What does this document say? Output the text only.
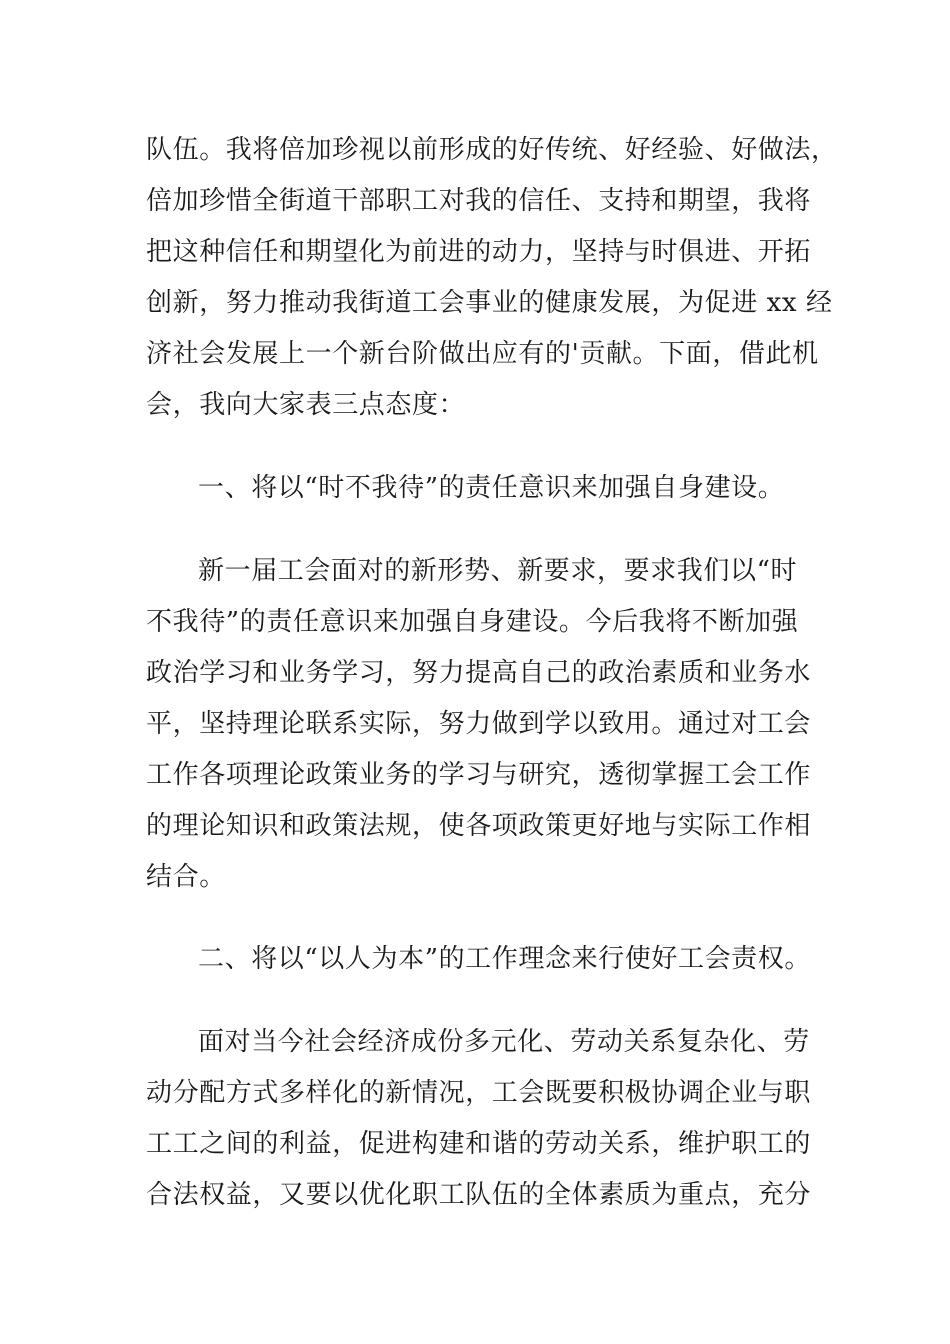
队伍。我将倍加珍视以前形成的好传统、好经验、好做法，
倍加珍惜全街道干部职工对我的信任、支持和期望，我将
把这种信任和期望化为前进的动力，坚持与时俱进、开拓
创新，努力推动我街道工会事业的健康发展，为促进 xx 经
济社会发展上一个新台阶做出应有的'贡献。下面，借此机
会，我向大家表三点态度：
一、将以“时不我待”的责任意识来加强自身建设。
新一届工会面对的新形势、新要求，要求我们以“时
不我待”的责任意识来加强自身建设。今后我将不断加强
政治学习和业务学习，努力提高自己的政治素质和业务水
平，坚持理论联系实际，努力做到学以致用。通过对工会
工作各项理论政策业务的学习与研究，透彻掌握工会工作
的理论知识和政策法规，使各项政策更好地与实际工作相
结合。
二、将以“以人为本”的工作理念来行使好工会责权。
面对当今社会经济成份多元化、劳动关系复杂化、劳
动分配方式多样化的新情况，工会既要积极协调企业与职
工工之间的利益，促进构建和谐的劳动关系，维护职工的
合法权益，又要以优化职工队伍的全体素质为重点，充分
